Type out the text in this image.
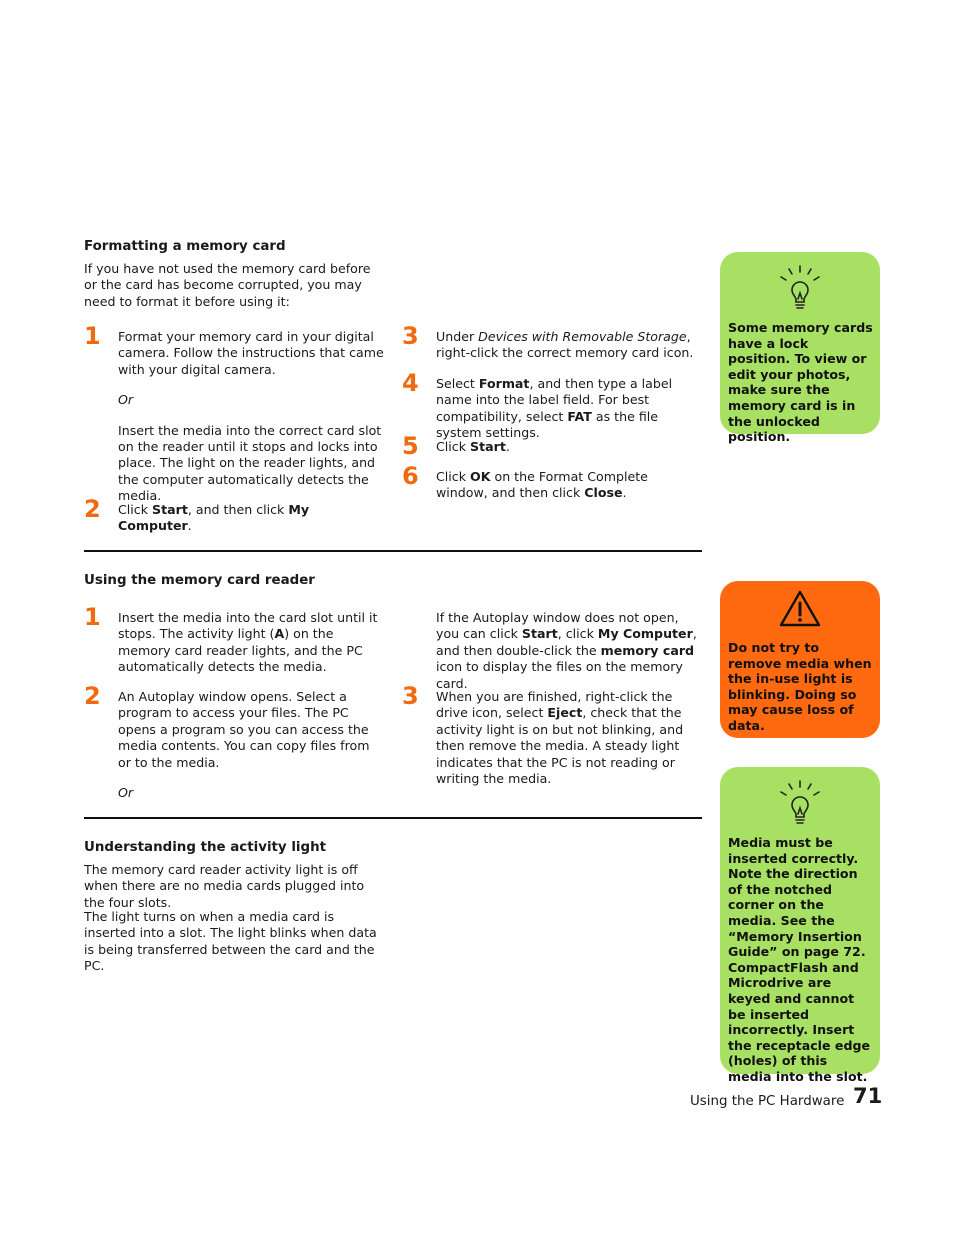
Formatting a memory card
If you have not used the memory card before or the card has become corrupted, you may need to format it before using it:
1 Format your memory card in your digital camera. Follow the instructions that came with your digital camera.
Or
Insert the media into the correct card slot on the reader until it stops and locks into place. The light on the reader lights, and the computer automatically detects the media.
2 Click Start, and then click My Computer.
3 Under Devices with Removable Storage, right-click the correct memory card icon.
4 Select Format, and then type a label name into the label field. For best compatibility, select FAT as the file system settings.
5 Click Start.
6 Click OK on the Format Complete window, and then click Close.
Using the memory card reader
1 Insert the media into the card slot until it stops. The activity light (A) on the memory card reader lights, and the PC automatically detects the media.
2 An Autoplay window opens. Select a program to access your files. The PC opens a program so you can access the media contents. You can copy files from or to the media.
Or
If the Autoplay window does not open, you can click Start, click My Computer, and then double-click the memory card icon to display the files on the memory card.
3 When you are finished, right-click the drive icon, select Eject, check that the activity light is on but not blinking, and then remove the media. A steady light indicates that the PC is not reading or writing the media.
Understanding the activity light
The memory card reader activity light is off when there are no media cards plugged into the four slots.
The light turns on when a media card is inserted into a slot. The light blinks when data is being transferred between the card and the PC.
Some memory cards have a lock position. To view or edit your photos, make sure the memory card is in the unlocked position.
Do not try to remove media when the in-use light is blinking. Doing so may cause loss of data.
Media must be inserted correctly. Note the direction of the notched corner on the media. See the “Memory Insertion Guide” on page 72. CompactFlash and Microdrive are keyed and cannot be inserted incorrectly. Insert the receptacle edge (holes) of this media into the slot.
Using the PC Hardware 71
